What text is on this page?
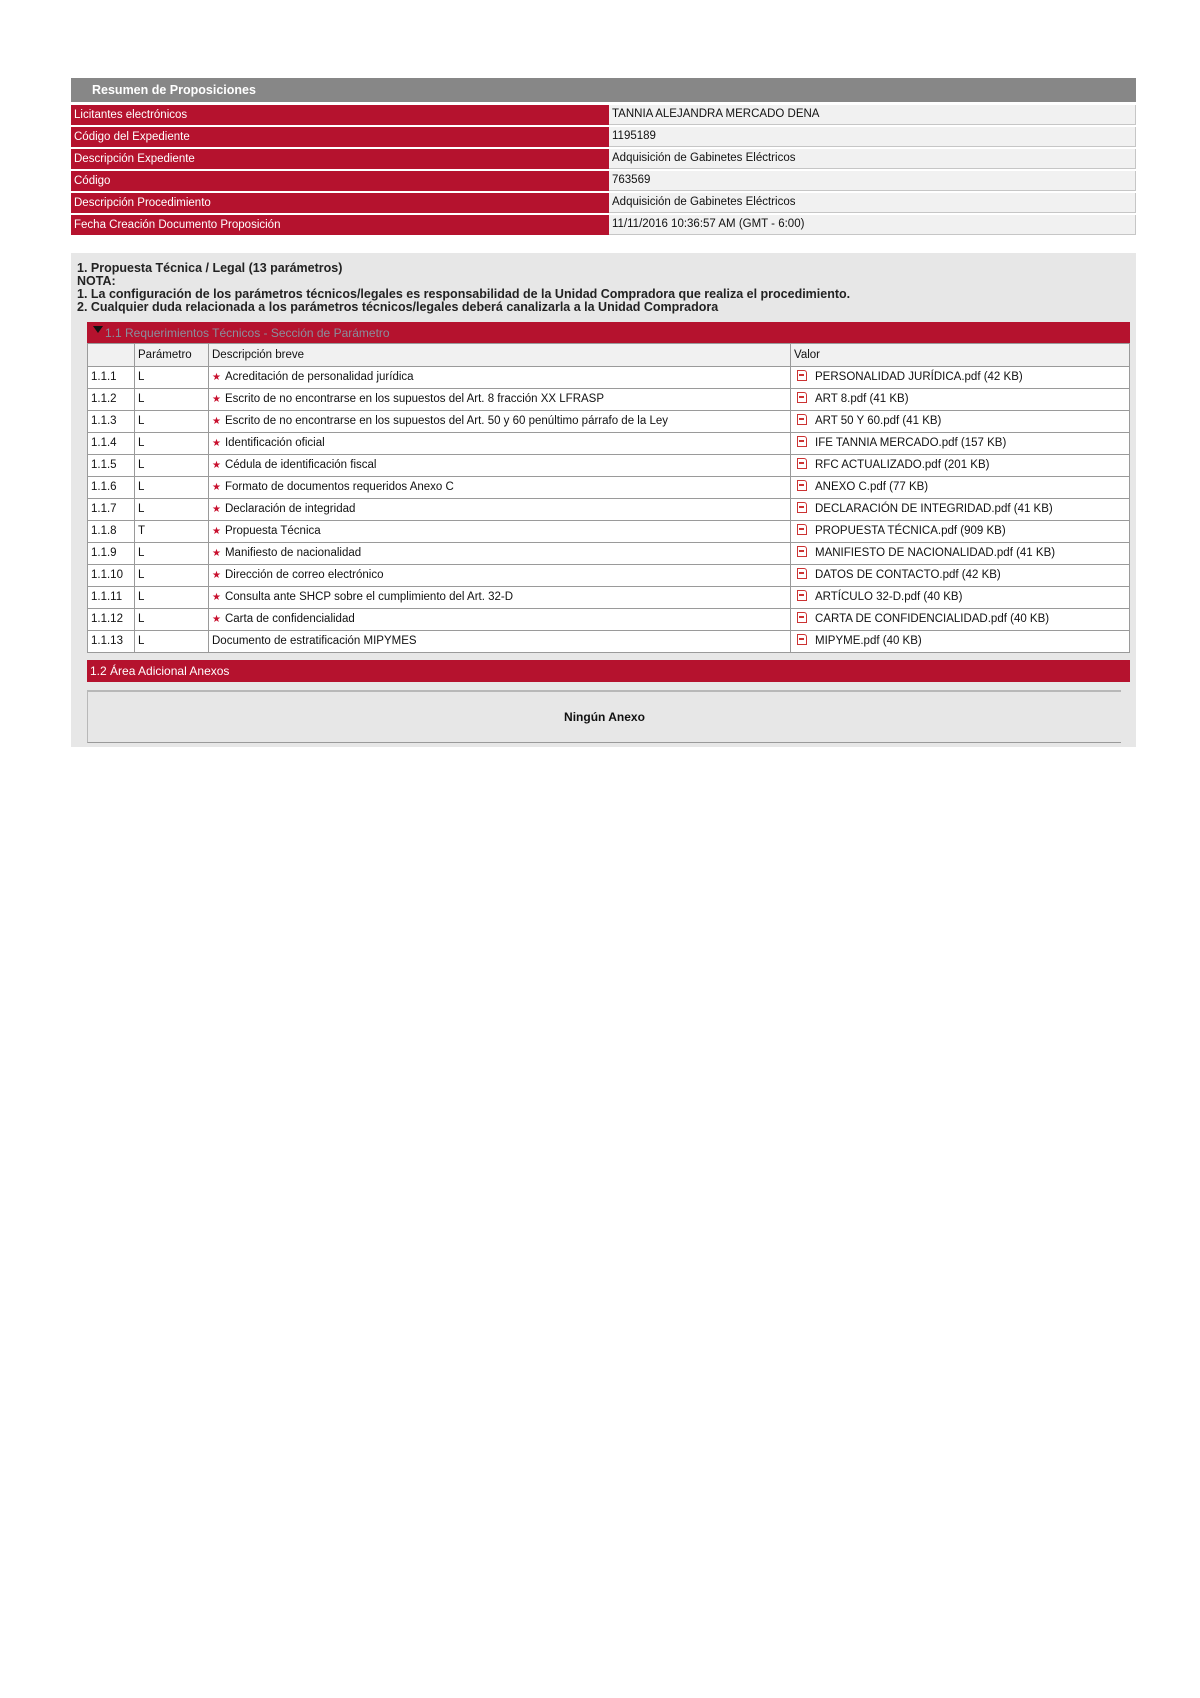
Resumen de Proposiciones
Licitantes electrónicos	TANNIA ALEJANDRA MERCADO DENA
Código del Expediente	1195189
Descripción Expediente	Adquisición de Gabinetes Eléctricos
Código	763569
Descripción Procedimiento	Adquisición de Gabinetes Eléctricos
Fecha Creación Documento Proposición	11/11/2016 10:36:57 AM (GMT - 6:00)
1. Propuesta Técnica / Legal (13 parámetros)
NOTA:
1. La configuración de los parámetros técnicos/legales es responsabilidad de la Unidad Compradora que realiza el procedimiento.
2. Cualquier duda relacionada a los parámetros técnicos/legales deberá canalizarla a la Unidad Compradora
1.1 Requerimientos Técnicos - Sección de Parámetro
	Parámetro	Descripción breve	Valor
1.1.1	L	★ Acreditación de personalidad jurídica	PERSONALIDAD JURÍDICA.pdf (42 KB)
1.1.2	L	★ Escrito de no encontrarse en los supuestos del Art. 8 fracción XX LFRASP	ART 8.pdf (41 KB)
1.1.3	L	★ Escrito de no encontrarse en los supuestos del Art. 50 y 60 penúltimo párrafo de la Ley	ART 50 Y 60.pdf (41 KB)
1.1.4	L	★ Identificación oficial	IFE TANNIA MERCADO.pdf (157 KB)
1.1.5	L	★ Cédula de identificación fiscal	RFC ACTUALIZADO.pdf (201 KB)
1.1.6	L	★ Formato de documentos requeridos Anexo C	ANEXO C.pdf (77 KB)
1.1.7	L	★ Declaración de integridad	DECLARACIÓN DE INTEGRIDAD.pdf (41 KB)
1.1.8	T	★ Propuesta Técnica	PROPUESTA TÉCNICA.pdf (909 KB)
1.1.9	L	★ Manifiesto de nacionalidad	MANIFIESTO DE NACIONALIDAD.pdf (41 KB)
1.1.10	L	★ Dirección de correo electrónico	DATOS DE CONTACTO.pdf (42 KB)
1.1.11	L	★ Consulta ante SHCP sobre el cumplimiento del Art. 32-D	ARTÍCULO 32-D.pdf (40 KB)
1.1.12	L	★ Carta de confidencialidad	CARTA DE CONFIDENCIALIDAD.pdf (40 KB)
1.1.13	L	Documento de estratificación MIPYMES	MIPYME.pdf (40 KB)
1.2 Área Adicional Anexos
Ningún Anexo
